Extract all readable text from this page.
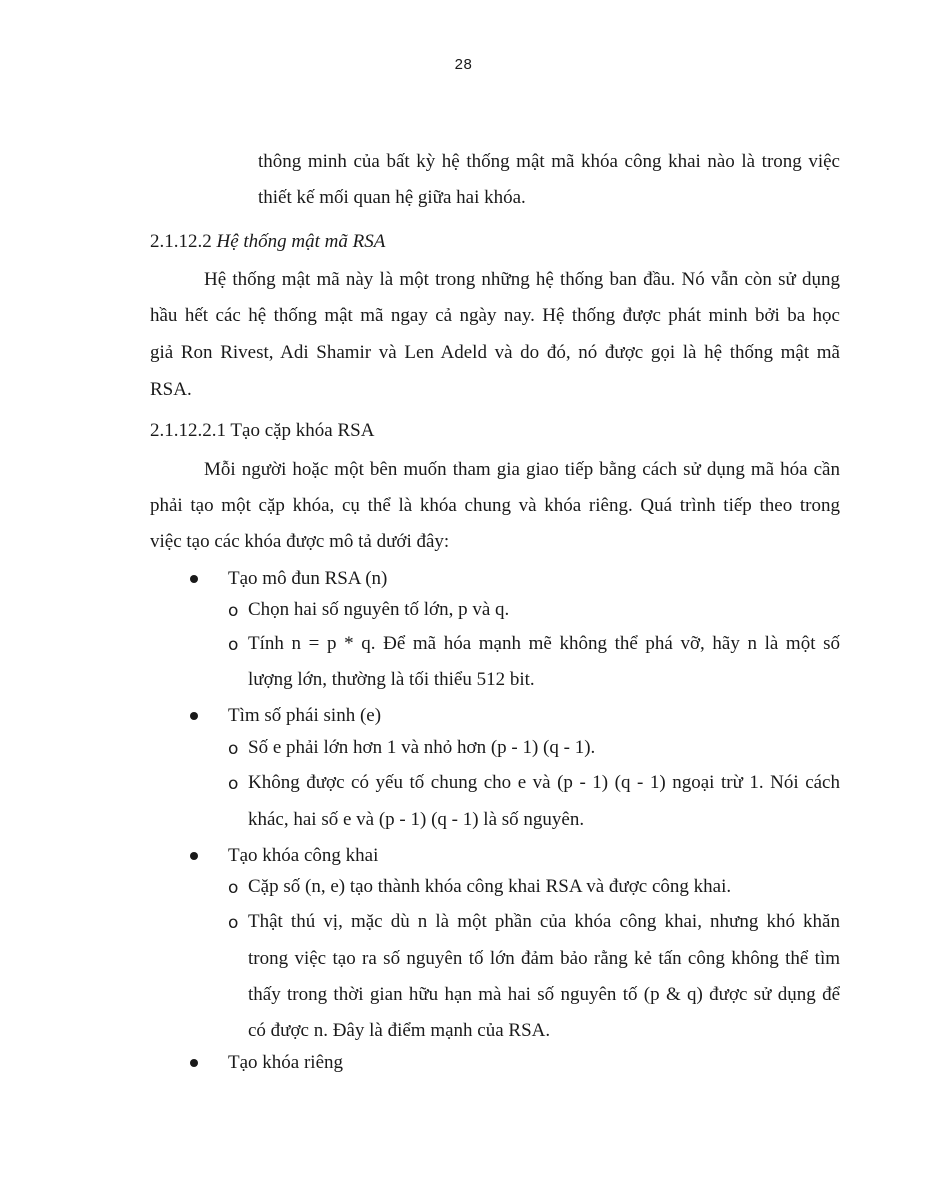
28
thông minh của bất kỳ hệ thống mật mã khóa công khai nào là trong việc
thiết kế mối quan hệ giữa hai khóa.
2.1.12.2 Hệ thống mật mã RSA
Hệ thống mật mã này là một trong những hệ thống ban đầu. Nó vẫn còn sử dụng
hầu hết các hệ thống mật mã ngay cả ngày nay. Hệ thống được phát minh bởi ba học
giả Ron Rivest, Adi Shamir và Len Adeld và do đó, nó được gọi là hệ thống mật mã
RSA.
2.1.12.2.1 Tạo cặp khóa RSA
Mỗi người hoặc một bên muốn tham gia giao tiếp bằng cách sử dụng mã hóa cần
phải tạo một cặp khóa, cụ thể là khóa chung và khóa riêng. Quá trình tiếp theo trong
việc tạo các khóa được mô tả dưới đây:
Tạo mô đun RSA (n)
o Chọn hai số nguyên tố lớn, p và q.
o Tính n = p * q. Để mã hóa mạnh mẽ không thể phá vỡ, hãy n là một số
lượng lớn, thường là tối thiểu 512 bit.
Tìm số phái sinh (e)
o Số e phải lớn hơn 1 và nhỏ hơn (p - 1) (q - 1).
o Không được có yếu tố chung cho e và (p - 1) (q - 1) ngoại trừ 1. Nói cách
khác, hai số e và (p - 1) (q - 1) là số nguyên.
Tạo khóa công khai
o Cặp số (n, e) tạo thành khóa công khai RSA và được công khai.
o Thật thú vị, mặc dù n là một phần của khóa công khai, nhưng khó khăn
trong việc tạo ra số nguyên tố lớn đảm bảo rằng kẻ tấn công không thể tìm
thấy trong thời gian hữu hạn mà hai số nguyên tố (p & q) được sử dụng để
có được n. Đây là điểm mạnh của RSA.
Tạo khóa riêng
